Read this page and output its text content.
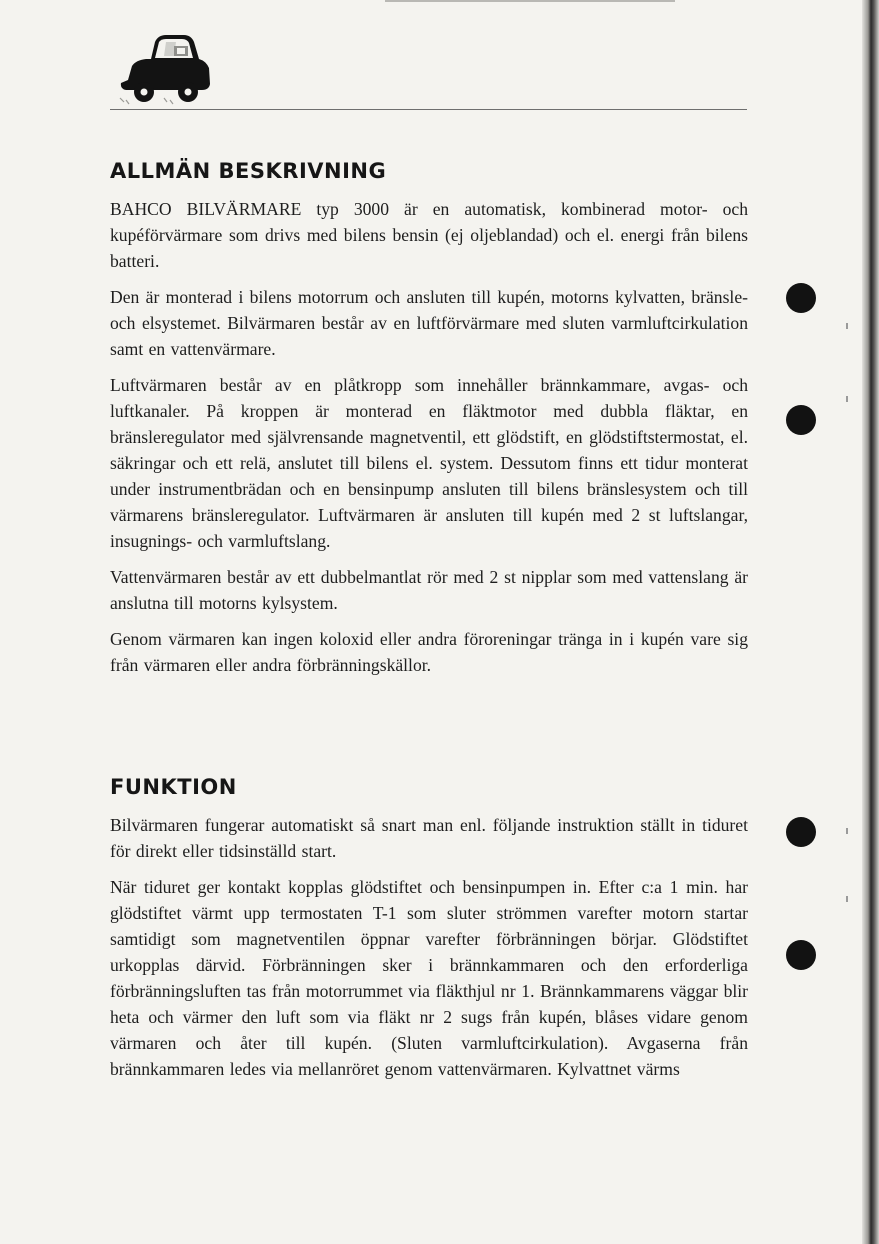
ALLMÄN BESKRIVNING

BAHCO BILVÄRMARE typ 3000 är en automatisk, kombinerad motor- och kupéförvärmare som drivs med bilens bensin (ej oljeblandad) och el. energi från bilens batteri.

Den är monterad i bilens motorrum och ansluten till kupén, motorns kylvatten, bränsle- och elsystemet. Bilvärmaren består av en luftförvärmare med sluten varmluftcirkulation samt en vattenvärmare.

Luftvärmaren består av en plåtkropp som innehåller brännkammare, avgas- och luftkanaler. På kroppen är monterad en fläktmotor med dubbla fläktar, en bränsleregulator med självrensande magnetventil, ett glödstift, en glödstiftstermostat, el. säkringar och ett relä, anslutet till bilens el. system. Dessutom finns ett tidur monterat under instrumentbrädan och en bensinpump ansluten till bilens bränslesystem och till värmarens bränsleregulator. Luftvärmaren är ansluten till kupén med 2 st luftslangar, insugnings- och varmluftslang.

Vattenvärmaren består av ett dubbelmantlat rör med 2 st nipplar som med vattenslang är anslutna till motorns kylsystem.

Genom värmaren kan ingen koloxid eller andra föroreningar tränga in i kupén vare sig från värmaren eller andra förbränningskällor.

FUNKTION

Bilvärmaren fungerar automatiskt så snart man enl. följande instruktion ställt in tiduret för direkt eller tidsinställd start.

När tiduret ger kontakt kopplas glödstiftet och bensinpumpen in. Efter c:a 1 min. har glödstiftet värmt upp termostaten T-1 som sluter strömmen varefter motorn startar samtidigt som magnetventilen öppnar varefter förbränningen börjar. Glödstiftet urkopplas därvid. Förbränningen sker i brännkammaren och den erforderliga förbränningsluften tas från motorrummet via fläkthjul nr 1. Brännkammarens väggar blir heta och värmer den luft som via fläkt nr 2 sugs från kupén, blåses vidare genom värmaren och åter till kupén. (Sluten varmluftcirkulation). Avgaserna från brännkammaren ledes via mellanröret genom vattenvärmaren. Kylvattnet värms
